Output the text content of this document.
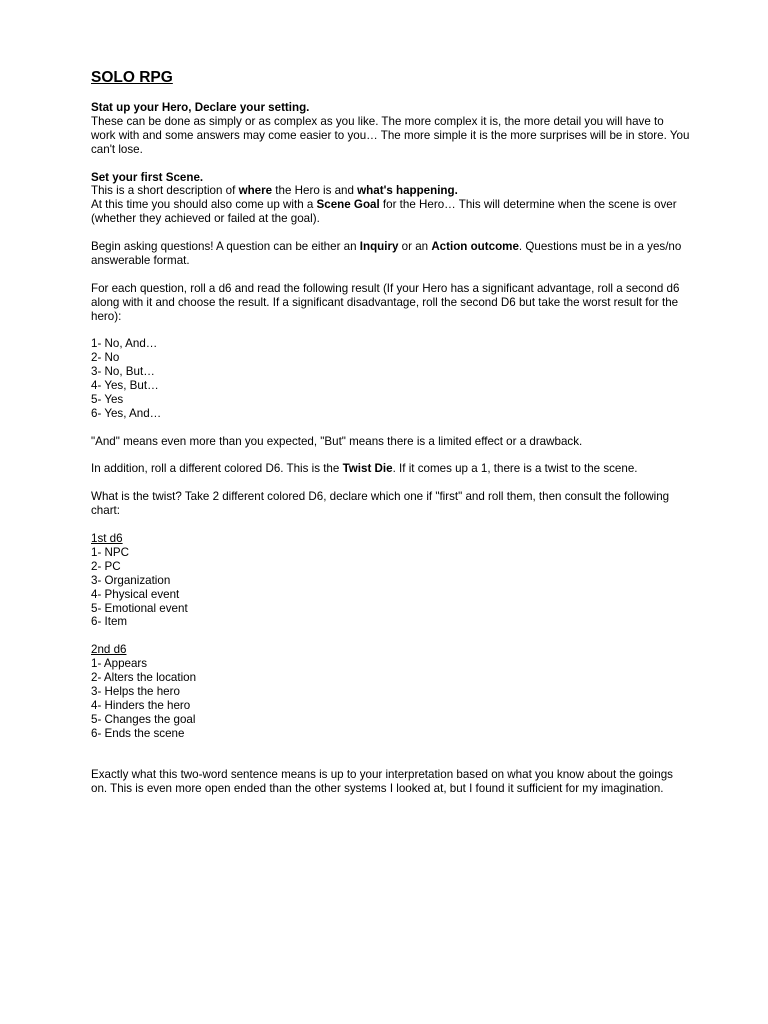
SOLO RPG
Stat up your Hero, Declare your setting.
These can be done as simply or as complex as you like. The more complex it is, the more detail you will have to work with and some answers may come easier to you… The more simple it is the more surprises will be in store. You can't lose.
Set your first Scene.
This is a short description of where the Hero is and what's happening.
At this time you should also come up with a Scene Goal for the Hero… This will determine when the scene is over (whether they achieved or failed at the goal).
Begin asking questions! A question can be either an Inquiry or an Action outcome. Questions must be in a yes/no answerable format.
For each question, roll a d6 and read the following result (If your Hero has a significant advantage, roll a second d6 along with it and choose the result. If a significant disadvantage, roll the second D6 but take the worst result for the hero):
1- No, And…
2- No
3- No, But…
4- Yes, But…
5- Yes
6- Yes, And…
"And" means even more than you expected, "But" means there is a limited effect or a drawback.
In addition, roll a different colored D6. This is the Twist Die. If it comes up a 1, there is a twist to the scene.
What is the twist? Take 2 different colored D6, declare which one if "first" and roll them, then consult the following chart:
1st d6
1- NPC
2- PC
3- Organization
4- Physical event
5- Emotional event
6- Item
2nd d6
1- Appears
2- Alters the location
3- Helps the hero
4- Hinders the hero
5- Changes the goal
6- Ends the scene
Exactly what this two-word sentence means is up to your interpretation based on what you know about the goings on. This is even more open ended than the other systems I looked at, but I found it sufficient for my imagination.
